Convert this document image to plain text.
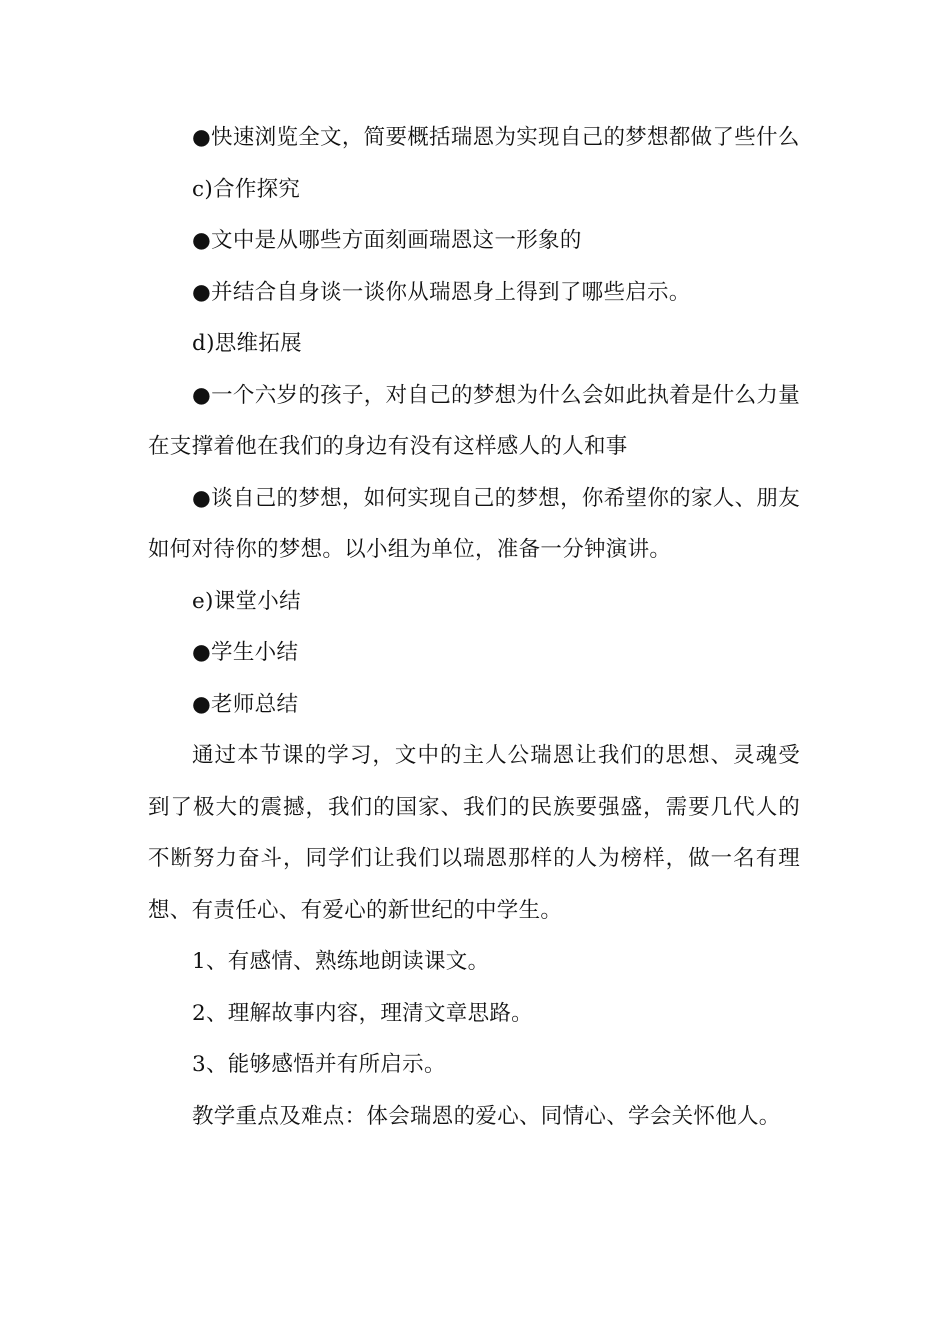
●快速浏览全文，简要概括瑞恩为实现自己的梦想都做了些什么

c)合作探究

●文中是从哪些方面刻画瑞恩这一形象的

●并结合自身谈一谈你从瑞恩身上得到了哪些启示。

d)思维拓展

●一个六岁的孩子，对自己的梦想为什么会如此执着是什么力量在支撑着他在我们的身边有没有这样感人的人和事

●谈自己的梦想，如何实现自己的梦想，你希望你的家人、朋友如何对待你的梦想。以小组为单位，准备一分钟演讲。

e)课堂小结

●学生小结

●老师总结

通过本节课的学习，文中的主人公瑞恩让我们的思想、灵魂受到了极大的震撼，我们的国家、我们的民族要强盛，需要几代人的不断努力奋斗，同学们让我们以瑞恩那样的人为榜样，做一名有理想、有责任心、有爱心的新世纪的中学生。

1、有感情、熟练地朗读课文。

2、理解故事内容，理清文章思路。

3、能够感悟并有所启示。

教学重点及难点：体会瑞恩的爱心、同情心、学会关怀他人。
